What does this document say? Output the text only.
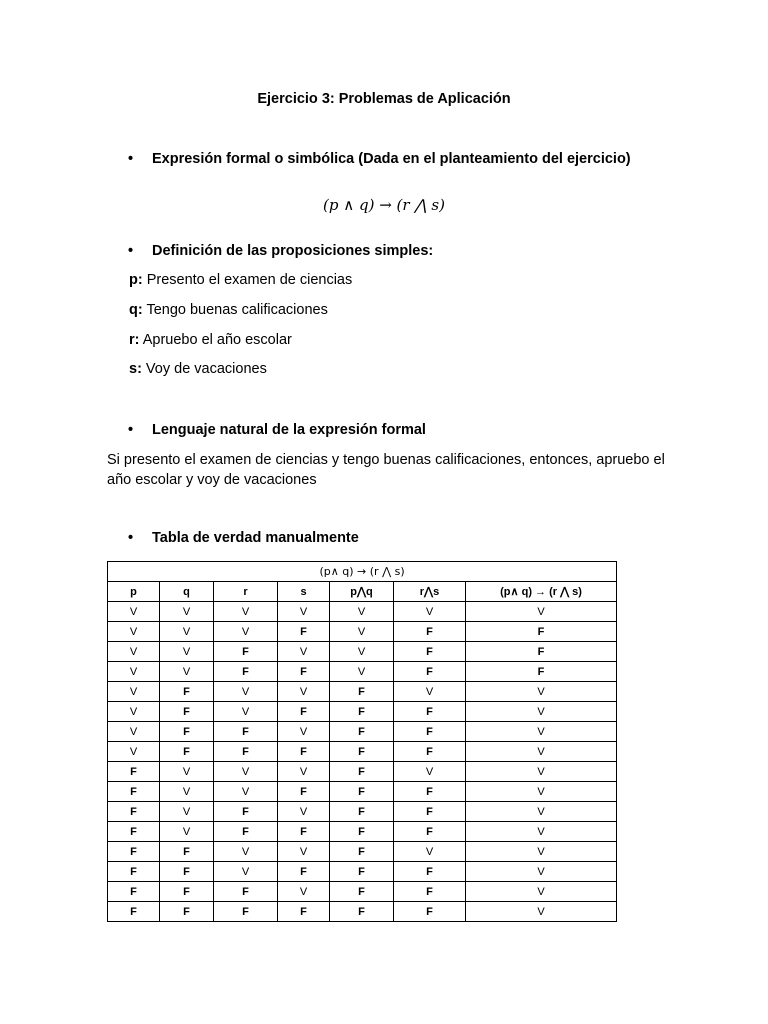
Ejercicio 3: Problemas de Aplicación
• Expresión formal o simbólica (Dada en el planteamiento del ejercicio)
(p ∧ q) → (r ⋀ s)
• Definición de las proposiciones simples:
p: Presento el examen de ciencias
q: Tengo buenas calificaciones
r: Apruebo el año escolar
s: Voy de vacaciones
• Lenguaje natural de la expresión formal
Si presento el examen de ciencias y tengo buenas calificaciones, entonces, apruebo el año escolar y voy de vacaciones
• Tabla de verdad manualmente
(p∧ q) → (r ⋀ s)						
p	q	r	s	p⋀q	r⋀s	(p∧ q) → (r ⋀ s)
V	V	V	V	V	V	V
V	V	V	F	V	F	F
V	V	F	V	V	F	F
V	V	F	F	V	F	F
V	F	V	V	F	V	V
V	F	V	F	F	F	V
V	F	F	V	F	F	V
V	F	F	F	F	F	V
F	V	V	V	F	V	V
F	V	V	F	F	F	V
F	V	F	V	F	F	V
F	V	F	F	F	F	V
F	F	V	V	F	V	V
F	F	V	F	F	F	V
F	F	F	V	F	F	V
F	F	F	F	F	F	V
